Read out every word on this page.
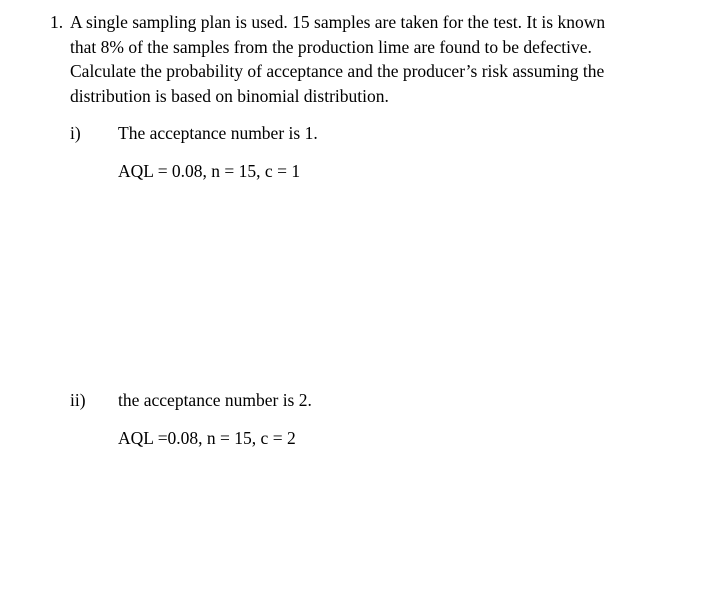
1. A single sampling plan is used. 15 samples are taken for the test. It is known
that 8% of the samples from the production lime are found to be defective.
Calculate the probability of acceptance and the producer’s risk assuming the
distribution is based on binomial distribution.
i) The acceptance number is 1.
AQL = 0.08, n = 15, c = 1
ii) the acceptance number is 2.
AQL =0.08, n = 15, c = 2
